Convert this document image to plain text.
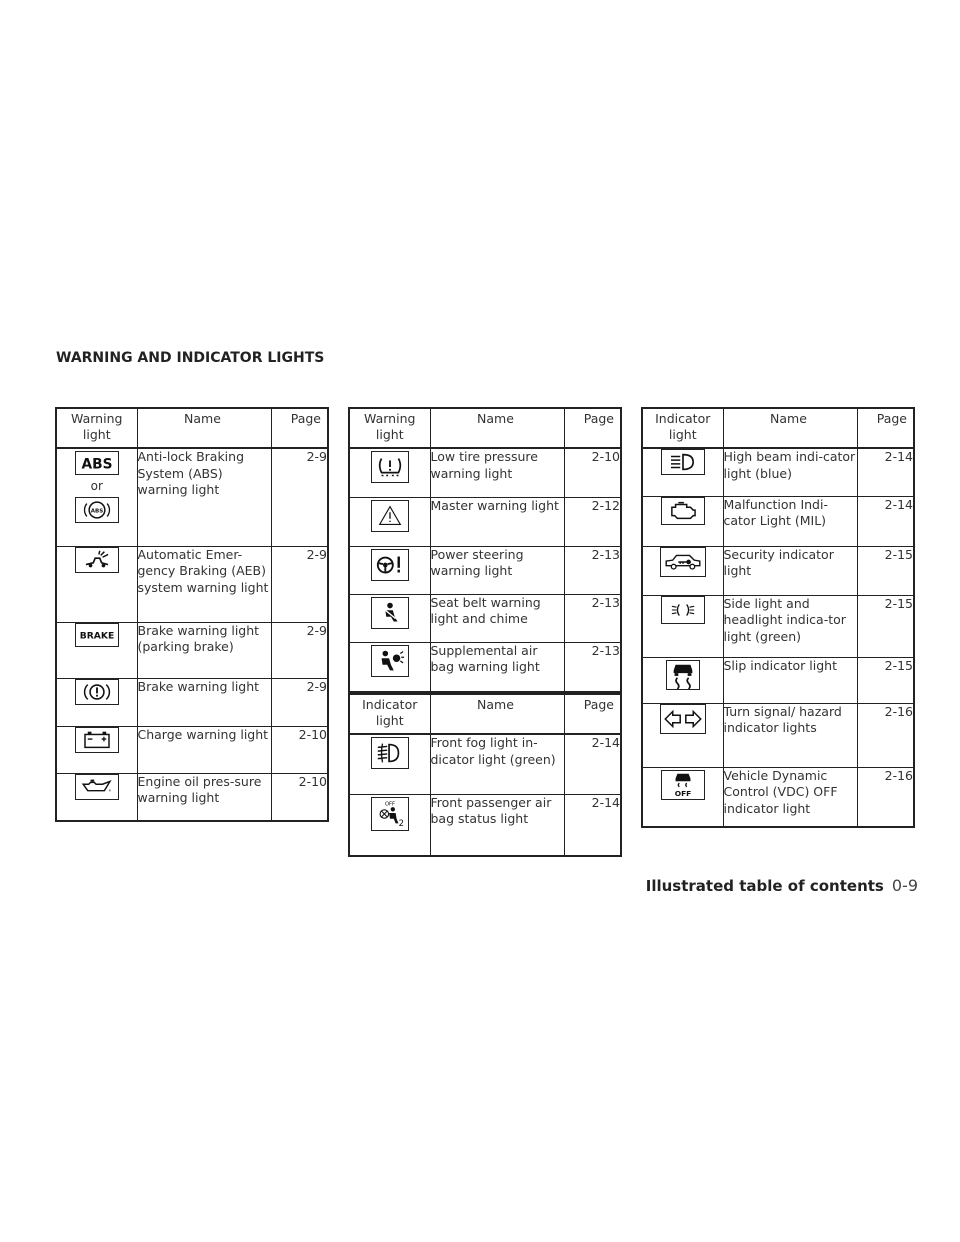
WARNING AND INDICATOR LIGHTS
Warning light	Name	Page

ABS
or
ABS	Anti-lock Braking System (ABS) warning light	2-9

	Automatic Emer-gency Braking (AEB) system warning light	2-9

BRAKE	Brake warning light (parking brake)	2-9

	Brake warning light	2-9

	Charge warning light	2-10

	Engine oil pres-sure warning light	2-10
Warning light	Name	Page

	Low tire pressure warning light	2-10

	Master warning light	2-12

	Power steering warning light	2-13

	Seat belt warning light and chime	2-13

	Supplemental air bag warning light	2-13
Indicator light	Name	Page

	Front fog light in-dicator light (green)	2-14

OFF
2	Front passenger air bag status light	2-14
Indicator light	Name	Page

	High beam indi-cator light (blue)	2-14

	Malfunction Indi-cator Light (MIL)	2-14

	Security indicator light	2-15

	Side light and headlight indica-tor light (green)	2-15

	Slip indicator light	2-15

	Turn signal/ hazard indicator lights	2-16

OFF	Vehicle Dynamic Control (VDC) OFF indicator light	2-16
Illustrated table of contents 0-9
